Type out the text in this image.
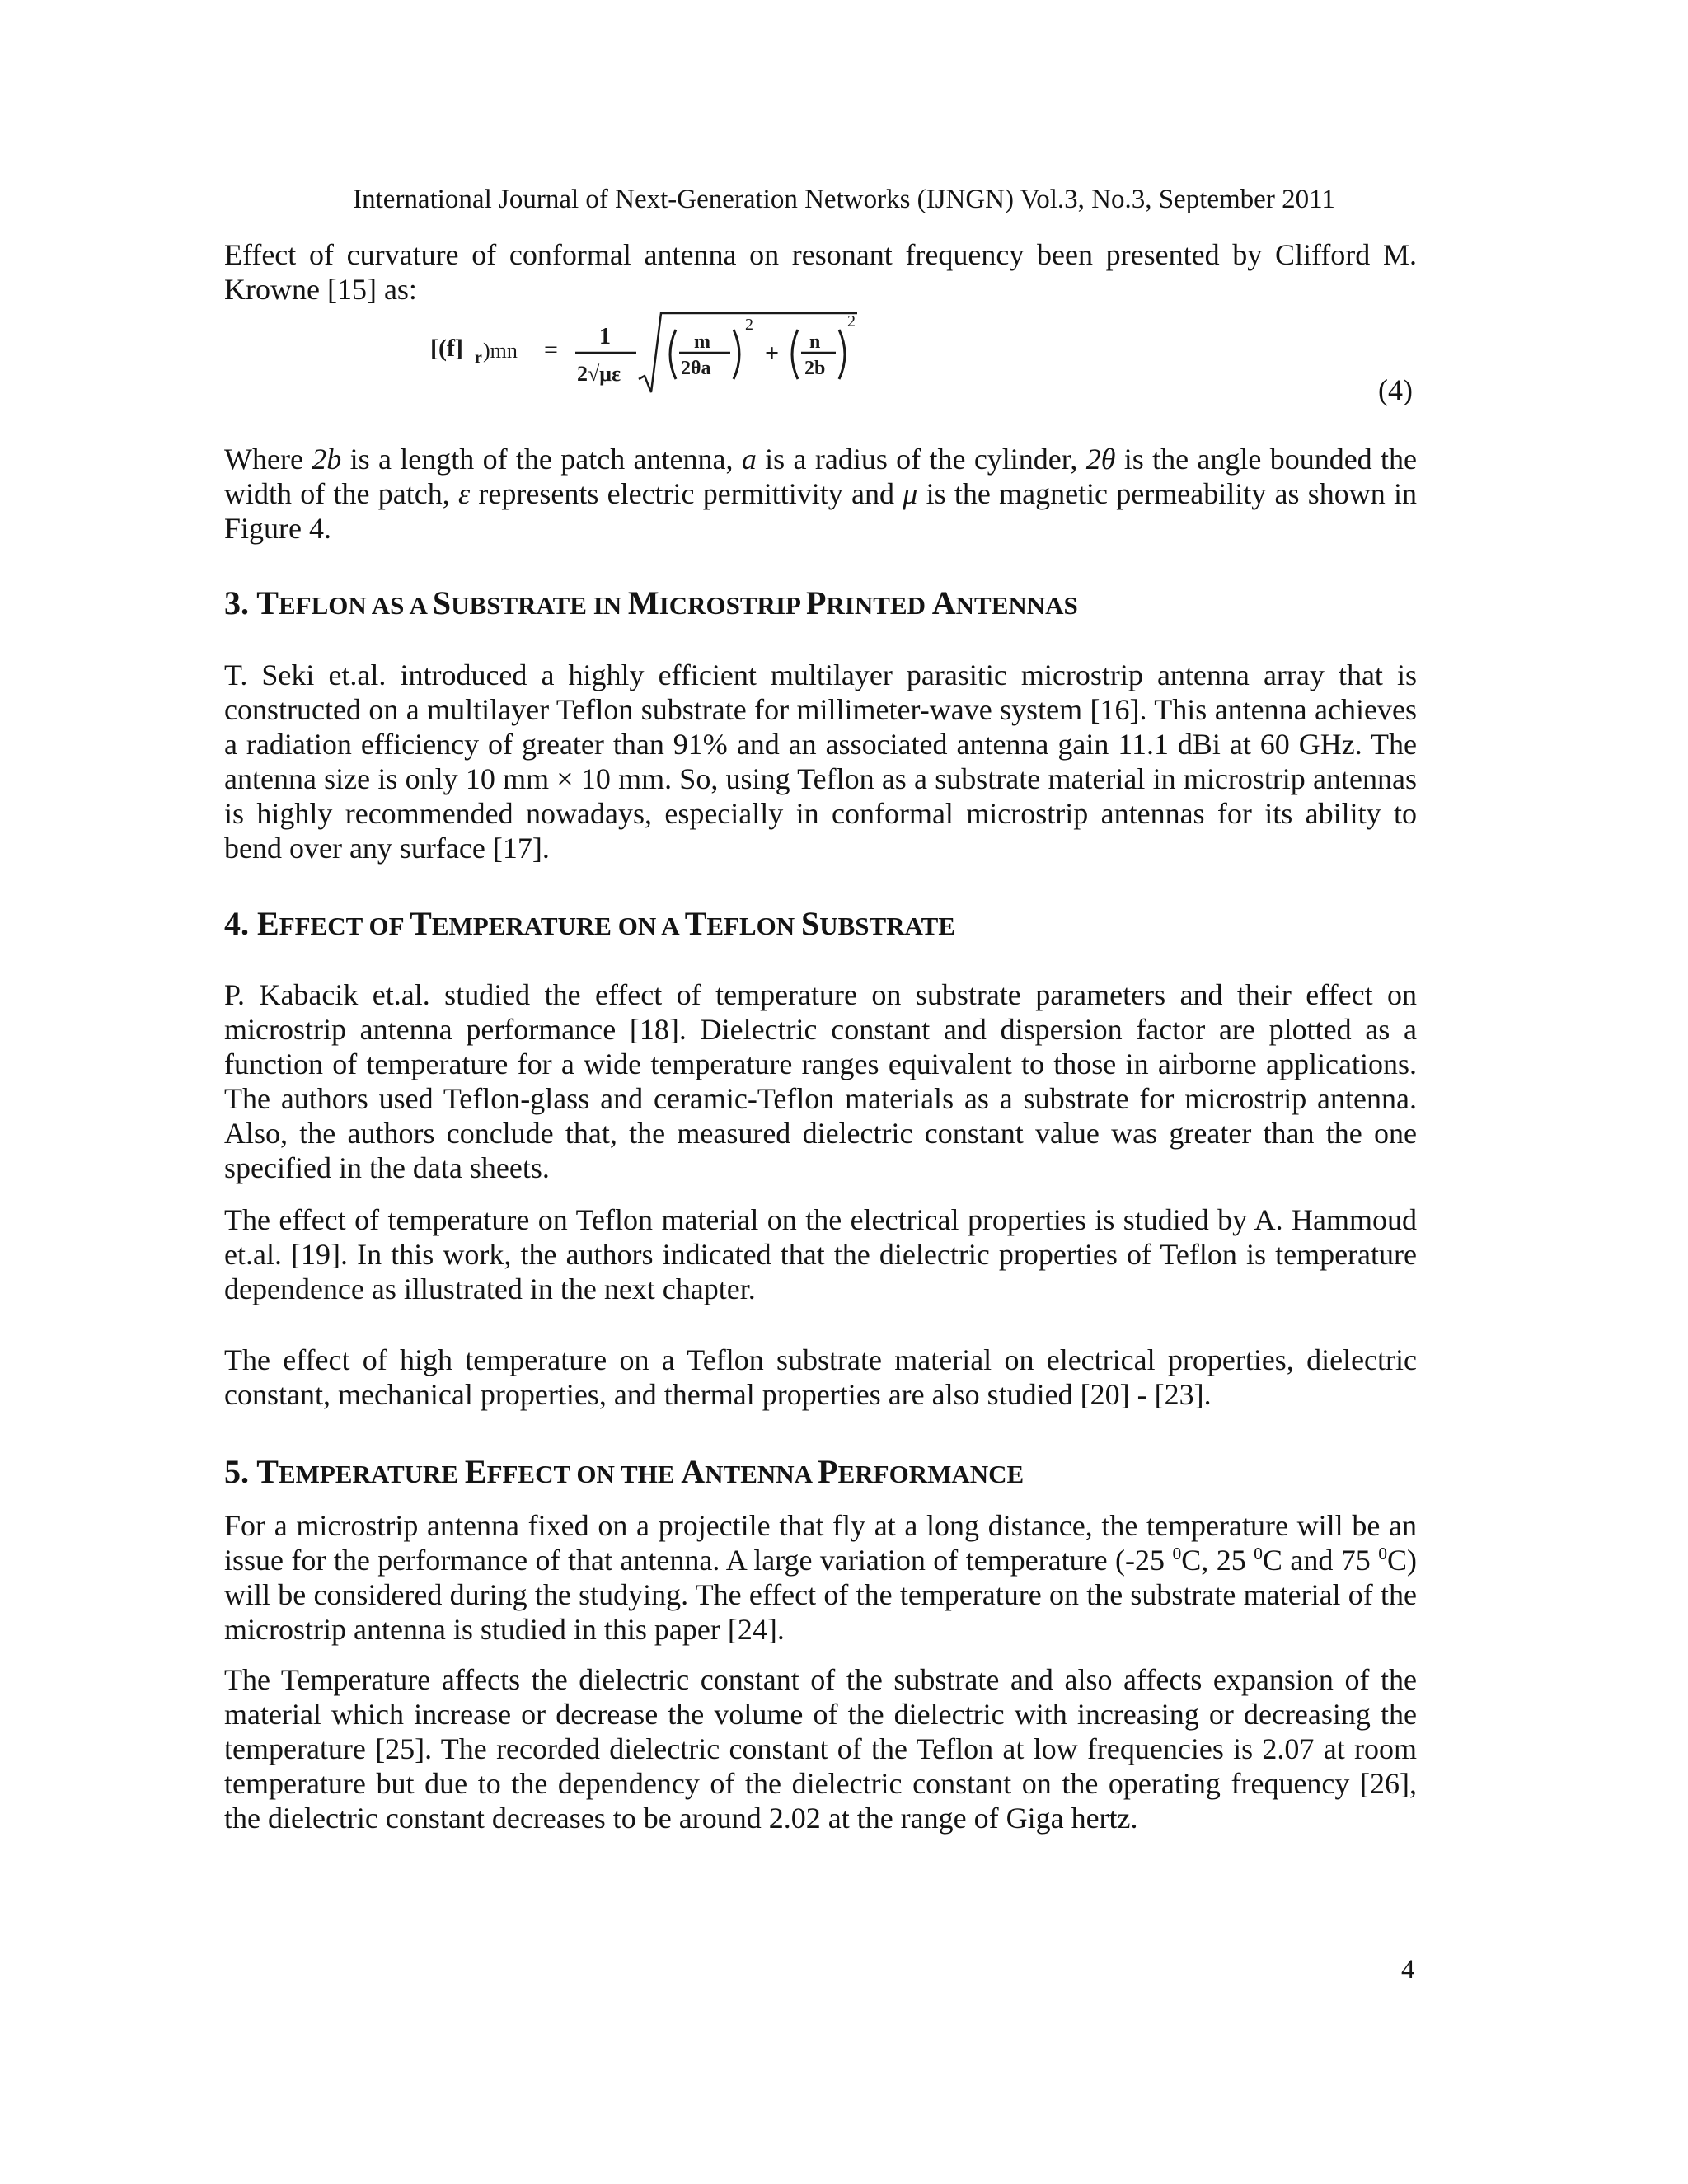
International Journal of Next-Generation Networks (IJNGN) Vol.3, No.3, September 2011

Effect of curvature of conformal antenna on resonant frequency been presented by Clifford M. Krowne [15] as:

[(f] r )mn = 1
2√με
m
2θa
2
+ n
2b
2
(4)

Where 2b is a length of the patch antenna, a is a radius of the cylinder, 2θ is the angle bounded the width of the patch, ε represents electric permittivity and μ is the magnetic permeability as shown in Figure 4.

3. TEFLON AS A SUBSTRATE IN MICROSTRIP PRINTED ANTENNAS

T. Seki et.al. introduced a highly efficient multilayer parasitic microstrip antenna array that is constructed on a multilayer Teflon substrate for millimeter-wave system [16]. This antenna achieves a radiation efficiency of greater than 91% and an associated antenna gain 11.1 dBi at 60 GHz. The antenna size is only 10 mm × 10 mm. So, using Teflon as a substrate material in microstrip antennas is highly recommended nowadays, especially in conformal microstrip antennas for its ability to bend over any surface [17].

4. EFFECT OF TEMPERATURE ON A TEFLON SUBSTRATE

P. Kabacik et.al. studied the effect of temperature on substrate parameters and their effect on microstrip antenna performance [18]. Dielectric constant and dispersion factor are plotted as a function of temperature for a wide temperature ranges equivalent to those in airborne applications. The authors used Teflon-glass and ceramic-Teflon materials as a substrate for microstrip antenna. Also, the authors conclude that, the measured dielectric constant value was greater than the one specified in the data sheets.

The effect of temperature on Teflon material on the electrical properties is studied by A. Hammoud et.al. [19]. In this work, the authors indicated that the dielectric properties of Teflon is temperature dependence as illustrated in the next chapter.

The effect of high temperature on a Teflon substrate material on electrical properties, dielectric constant, mechanical properties, and thermal properties are also studied [20] - [23].

5. TEMPERATURE EFFECT ON THE ANTENNA PERFORMANCE

For a microstrip antenna fixed on a projectile that fly at a long distance, the temperature will be an issue for the performance of that antenna. A large variation of temperature (-25 $^0$C, 25 $^0$C and 75 $^0$C) will be considered during the studying. The effect of the temperature on the substrate material of the microstrip antenna is studied in this paper [24].

The Temperature affects the dielectric constant of the substrate and also affects expansion of the material which increase or decrease the volume of the dielectric with increasing or decreasing the temperature [25]. The recorded dielectric constant of the Teflon at low frequencies is 2.07 at room temperature but due to the dependency of the dielectric constant on the operating frequency [26], the dielectric constant decreases to be around 2.02 at the range of Giga hertz.

4
